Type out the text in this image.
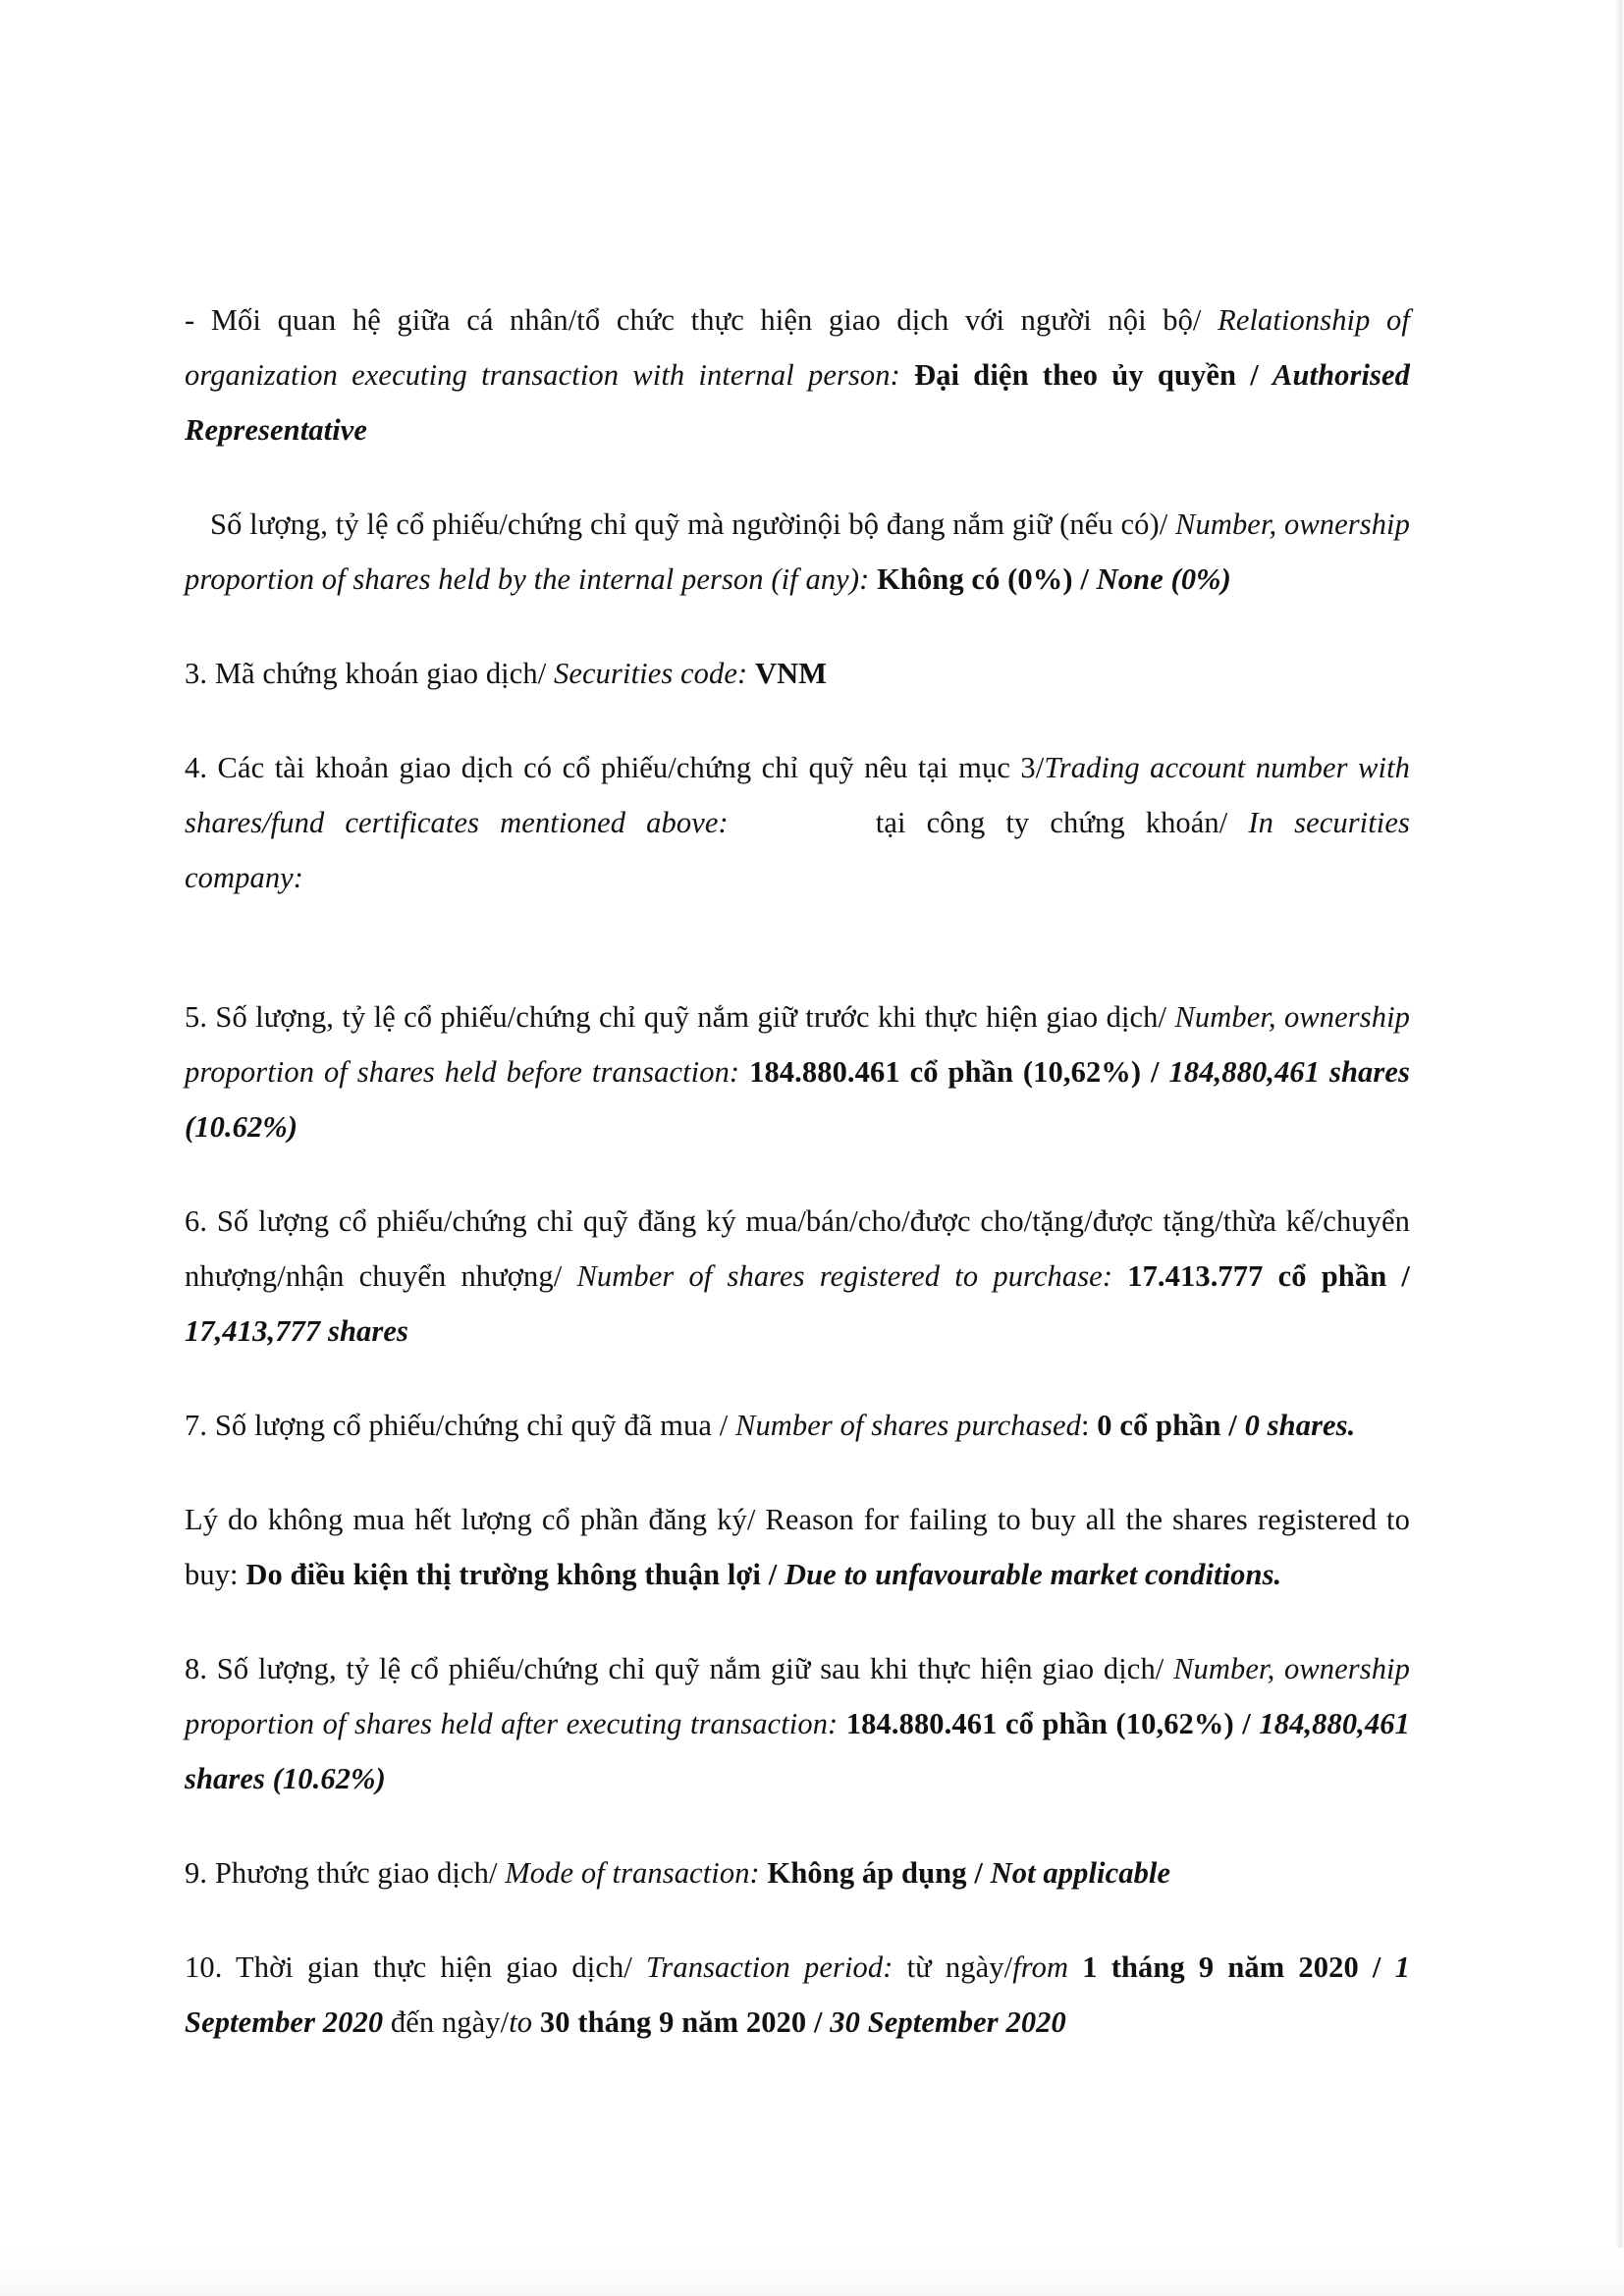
- Mối quan hệ giữa cá nhân/tổ chức thực hiện giao dịch với người nội bộ/ Relationship of organization executing transaction with internal person: Đại diện theo ủy quyền / Authorised Representative

Số lượng, tỷ lệ cổ phiếu/chứng chỉ quỹ mà ngườinội bộ đang nắm giữ (nếu có)/ Number, ownership proportion of shares held by the internal person (if any): Không có (0%) / None (0%)

3. Mã chứng khoán giao dịch/ Securities code: VNM

4. Các tài khoản giao dịch có cổ phiếu/chứng chỉ quỹ nêu tại mục 3/Trading account number with shares/fund certificates mentioned above:	tại công ty chứng khoán/ In securities company:

5. Số lượng, tỷ lệ cổ phiếu/chứng chỉ quỹ nắm giữ trước khi thực hiện giao dịch/ Number, ownership proportion of shares held before transaction: 184.880.461 cổ phần (10,62%) / 184,880,461 shares (10.62%)

6. Số lượng cổ phiếu/chứng chỉ quỹ đăng ký mua/bán/cho/được cho/tặng/được tặng/thừa kế/chuyển nhượng/nhận chuyển nhượng/ Number of shares registered to purchase: 17.413.777 cổ phần / 17,413,777 shares

7. Số lượng cổ phiếu/chứng chỉ quỹ đã mua / Number of shares purchased: 0 cổ phần / 0 shares.

Lý do không mua hết lượng cổ phần đăng ký/ Reason for failing to buy all the shares registered to buy: Do điều kiện thị trường không thuận lợi / Due to unfavourable market conditions.

8. Số lượng, tỷ lệ cổ phiếu/chứng chỉ quỹ nắm giữ sau khi thực hiện giao dịch/ Number, ownership proportion of shares held after executing transaction: 184.880.461 cổ phần (10,62%) / 184,880,461 shares (10.62%)

9. Phương thức giao dịch/ Mode of transaction: Không áp dụng / Not applicable

10. Thời gian thực hiện giao dịch/ Transaction period: từ ngày/from 1 tháng 9 năm 2020 / 1 September 2020 đến ngày/to 30 tháng 9 năm 2020 / 30 September 2020
